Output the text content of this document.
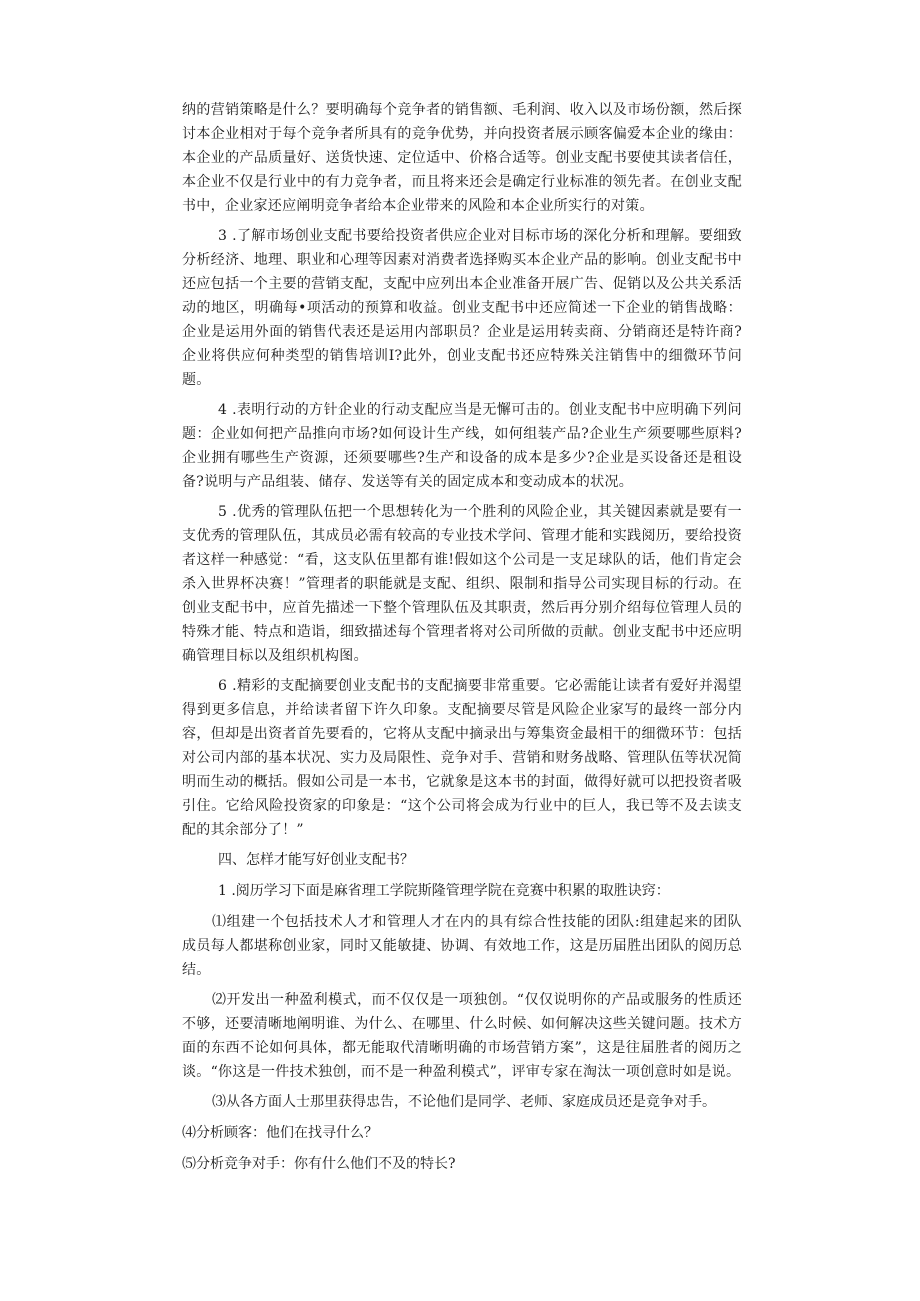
纳的营销策略是什么？要明确每个竞争者的销售额、毛利润、收入以及市场份额，然后探讨本企业相对于每个竞争者所具有的竞争优势，并向投资者展示顾客偏爱本企业的缘由：本企业的产品质量好、送货快速、定位适中、价格合适等。创业支配书要使其读者信任，本企业不仅是行业中的有力竞争者，而且将来还会是确定行业标准的领先者。在创业支配书中，企业家还应阐明竞争者给本企业带来的风险和本企业所实行的对策。

3 .了解市场创业支配书要给投资者供应企业对目标市场的深化分析和理解。要细致分析经济、地理、职业和心理等因素对消费者选择购买本企业产品的影响。创业支配书中还应包括一个主要的营销支配，支配中应列出本企业准备开展广告、促销以及公共关系活动的地区，明确每•项活动的预算和收益。创业支配书中还应简述一下企业的销售战略：企业是运用外面的销售代表还是运用内部职员？企业是运用转卖商、分销商还是特许商?企业将供应何种类型的销售培训I?此外，创业支配书还应特殊关注销售中的细微环节问题。

4 .表明行动的方针企业的行动支配应当是无懈可击的。创业支配书中应明确下列问题：企业如何把产品推向市场?如何设计生产线，如何组装产品?企业生产须要哪些原料?企业拥有哪些生产资源，还须要哪些?生产和设备的成本是多少?企业是买设备还是租设备?说明与产品组装、储存、发送等有关的固定成本和变动成本的状况。

5 .优秀的管理队伍把一个思想转化为一个胜利的风险企业，其关键因素就是要有一支优秀的管理队伍，其成员必需有较高的专业技术学问、管理才能和实践阅历，要给投资者这样一种感觉：“看，这支队伍里都有谁!假如这个公司是一支足球队的话，他们肯定会杀入世界杯决赛！”管理者的职能就是支配、组织、限制和指导公司实现目标的行动。在创业支配书中，应首先描述一下整个管理队伍及其职责，然后再分别介绍每位管理人员的特殊才能、特点和造诣，细致描述每个管理者将对公司所做的贡献。创业支配书中还应明确管理目标以及组织机构图。

6 .精彩的支配摘要创业支配书的支配摘要非常重要。它必需能让读者有爱好并渴望得到更多信息，并给读者留下许久印象。支配摘要尽管是风险企业家写的最终一部分内容，但却是出资者首先要看的，它将从支配中摘录出与筹集资金最相干的细微环节：包括对公司内部的基本状况、实力及局限性、竞争对手、营销和财务战略、管理队伍等状况简明而生动的概括。假如公司是一本书，它就象是这本书的封面，做得好就可以把投资者吸引住。它给风险投资家的印象是：“这个公司将会成为行业中的巨人，我已等不及去读支配的其余部分了！”

四、怎样才能写好创业支配书？

1 .阅历学习下面是麻省理工学院斯隆管理学院在竞赛中积累的取胜诀窍：

⑴组建一个包括技术人才和管理人才在内的具有综合性技能的团队:组建起来的团队成员每人都堪称创业家，同时又能敏捷、协调、有效地工作，这是历届胜出团队的阅历总结。

⑵开发出一种盈利模式，而不仅仅是一项独创。“仅仅说明你的产品或服务的性质还不够，还要清晰地阐明谁、为什么、在哪里、什么时候、如何解决这些关键问题。技术方面的东西不论如何具体，都无能取代清晰明确的市场营销方案”，这是往届胜者的阅历之谈。“你这是一件技术独创，而不是一种盈利模式”，评审专家在淘汰一项创意时如是说。

⑶从各方面人士那里获得忠告，不论他们是同学、老师、家庭成员还是竞争对手。

⑷分析顾客：他们在找寻什么？

⑸分析竞争对手：你有什么他们不及的特长?
